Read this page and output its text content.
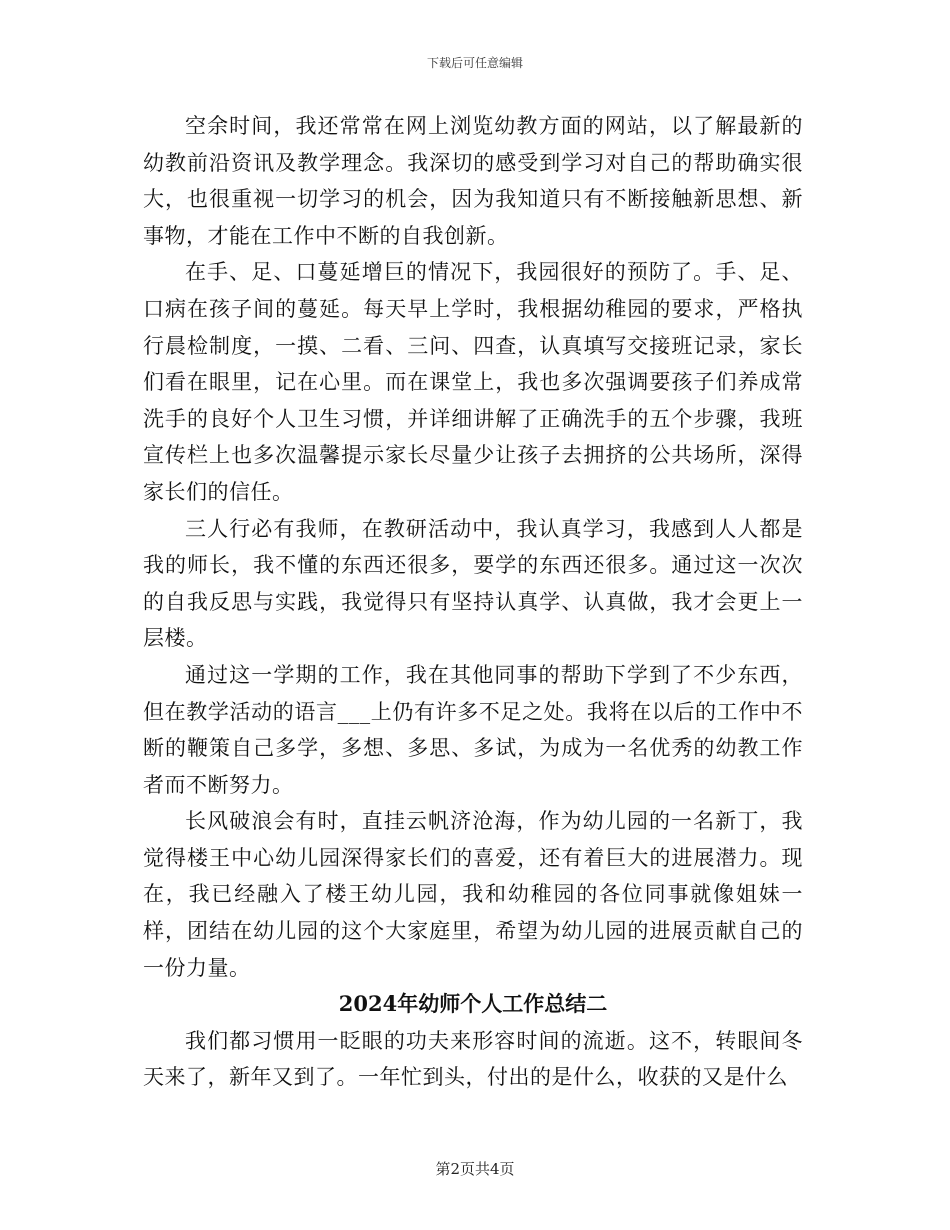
下载后可任意编辑

空余时间，我还常常在网上浏览幼教方面的网站，以了解最新的幼教前沿资讯及教学理念。我深切的感受到学习对自己的帮助确实很大，也很重视一切学习的机会，因为我知道只有不断接触新思想、新事物，才能在工作中不断的自我创新。

在手、足、口蔓延增巨的情况下，我园很好的预防了。手、足、口病在孩子间的蔓延。每天早上学时，我根据幼稚园的要求，严格执行晨检制度，一摸、二看、三问、四查，认真填写交接班记录，家长们看在眼里，记在心里。而在课堂上，我也多次强调要孩子们养成常洗手的良好个人卫生习惯，并详细讲解了正确洗手的五个步骤，我班宣传栏上也多次温馨提示家长尽量少让孩子去拥挤的公共场所，深得家长们的信任。

三人行必有我师，在教研活动中，我认真学习，我感到人人都是我的师长，我不懂的东西还很多，要学的东西还很多。通过这一次次的自我反思与实践，我觉得只有坚持认真学、认真做，我才会更上一层楼。

通过这一学期的工作，我在其他同事的帮助下学到了不少东西，但在教学活动的语言___上仍有许多不足之处。我将在以后的工作中不断的鞭策自己多学，多想、多思、多试，为成为一名优秀的幼教工作者而不断努力。

长风破浪会有时，直挂云帆济沧海，作为幼儿园的一名新丁，我觉得楼王中心幼儿园深得家长们的喜爱，还有着巨大的进展潜力。现在，我已经融入了楼王幼儿园，我和幼稚园的各位同事就像姐妹一样，团结在幼儿园的这个大家庭里，希望为幼儿园的进展贡献自己的一份力量。

2024年幼师个人工作总结二

我们都习惯用一眨眼的功夫来形容时间的流逝。这不，转眼间冬天来了，新年又到了。一年忙到头，付出的是什么，收获的又是什么

第2页共4页
